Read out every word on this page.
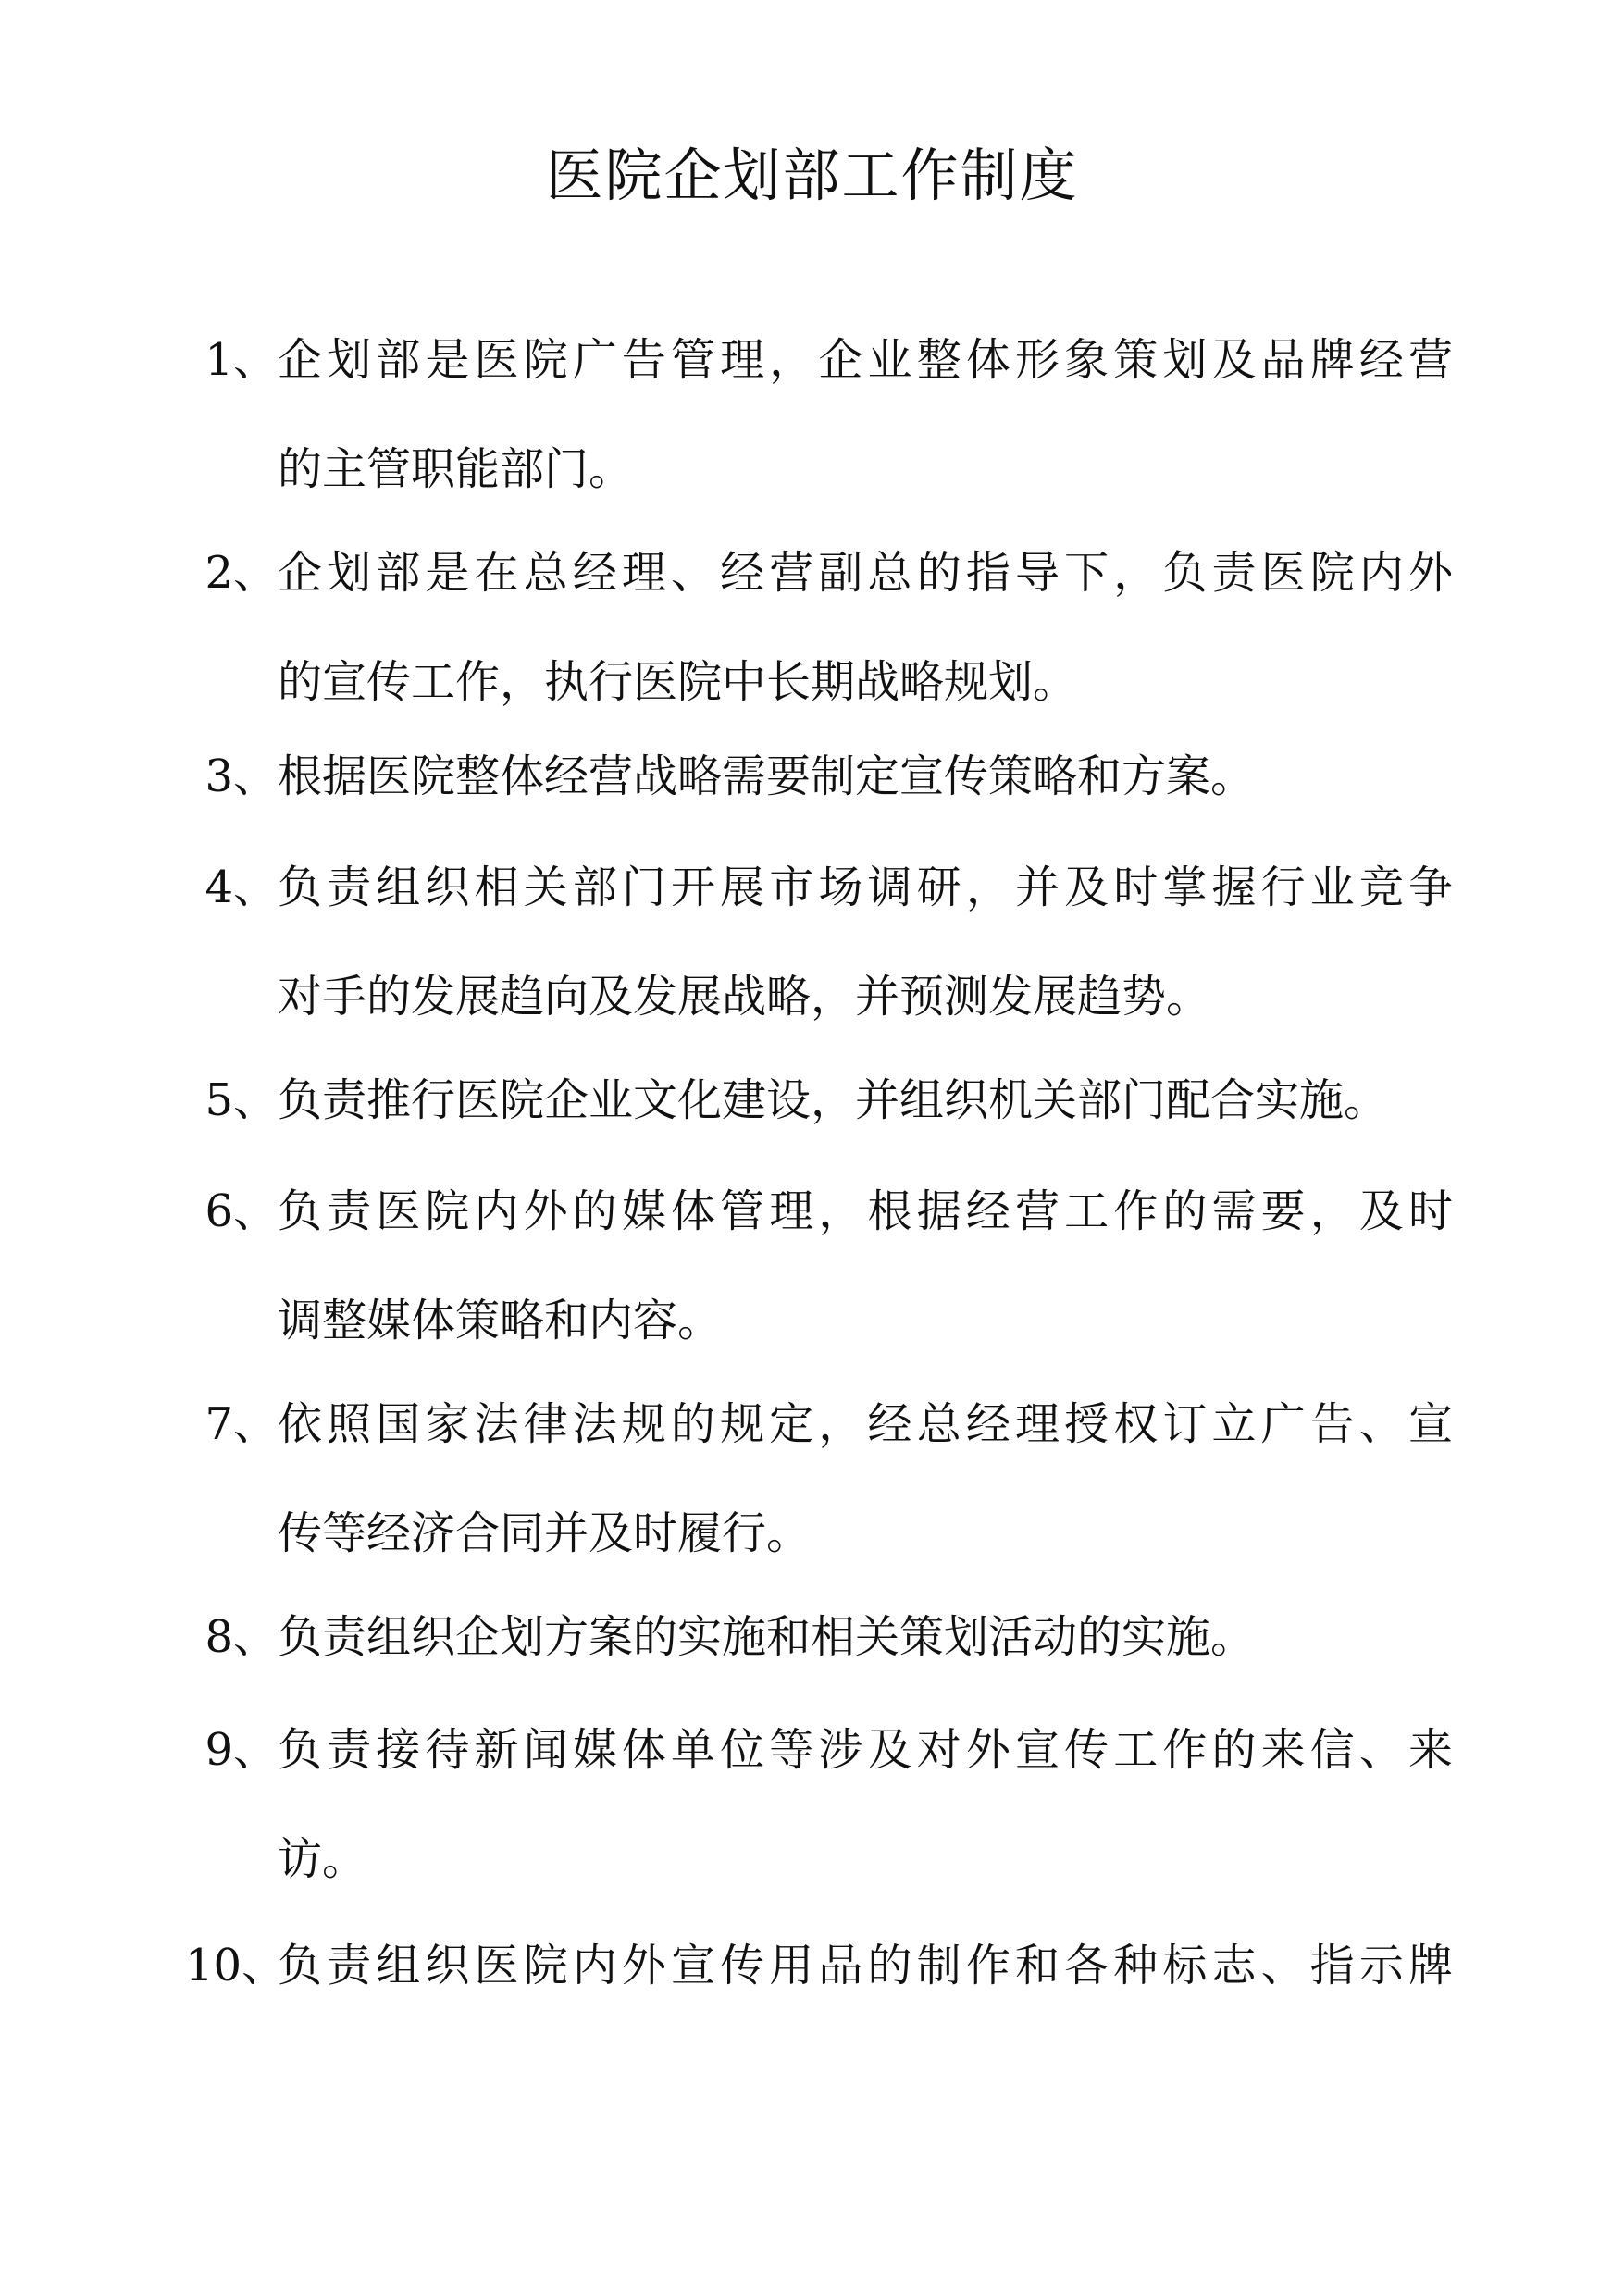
医院企划部工作制度
1、 企划部是医院广告管理，企业整体形象策划及品牌经营
的主管职能部门。
2、 企划部是在总经理、经营副总的指导下，负责医院内外
的宣传工作，执行医院中长期战略规划。
3、 根据医院整体经营战略需要制定宣传策略和方案。
4、 负责组织相关部门开展市场调研，并及时掌握行业竞争
对手的发展趋向及发展战略，并预测发展趋势。
5、 负责推行医院企业文化建设，并组织机关部门配合实施。
6、 负责医院内外的媒体管理，根据经营工作的需要，及时
调整媒体策略和内容。
7、 依照国家法律法规的规定，经总经理授权订立广告、宣
传等经济合同并及时履行。
8、 负责组织企划方案的实施和相关策划活动的实施。
9、 负责接待新闻媒体单位等涉及对外宣传工作的来信、来
访。
10、
负责组织医院内外宣传用品的制作和各种标志、指示牌
